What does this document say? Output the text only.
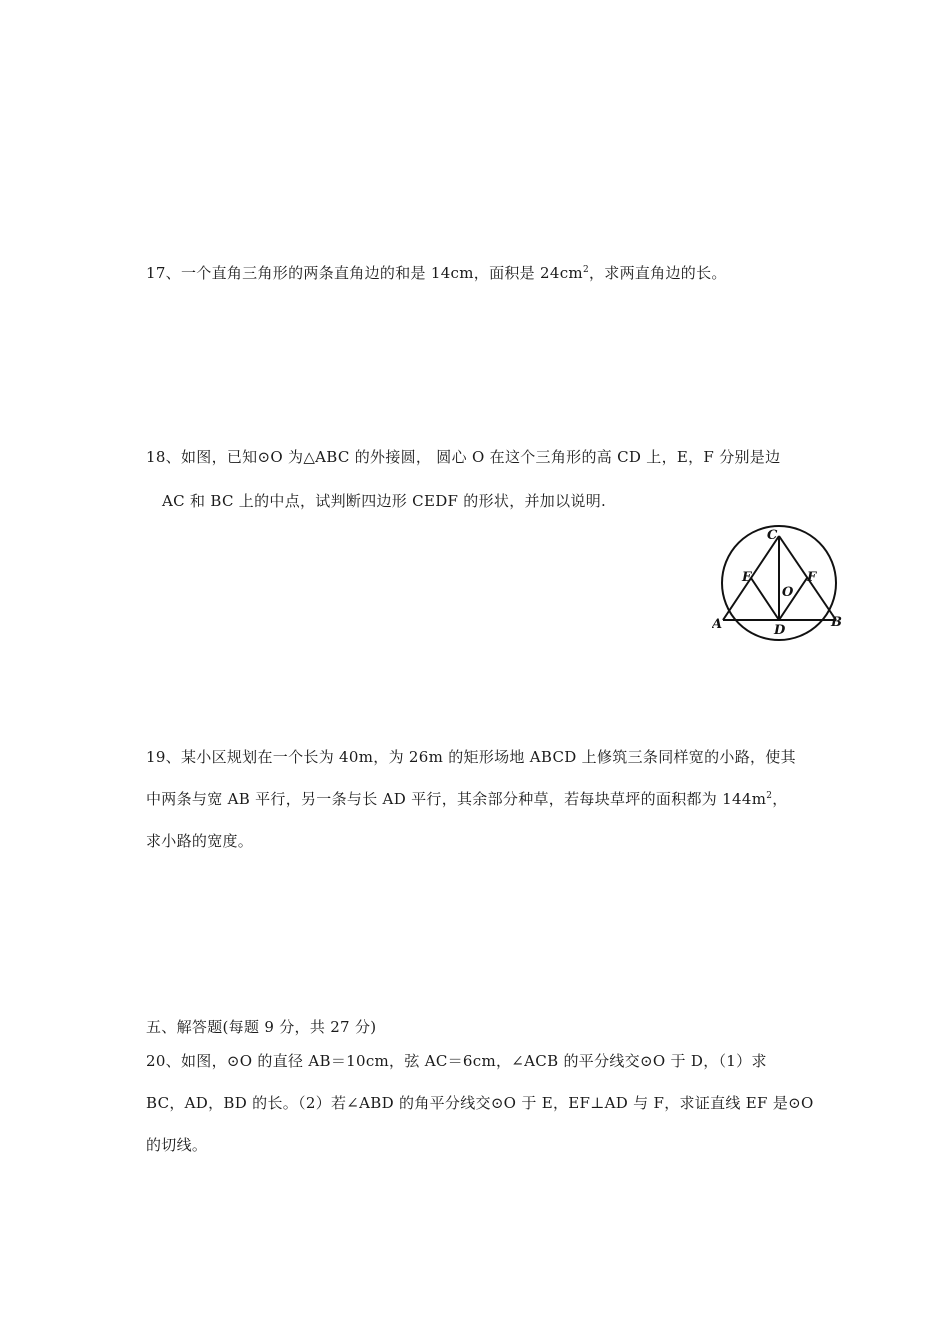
17、一个直角三角形的两条直角边的和是 14cm，面积是 $24cm^2$，求两直角边的长。
18、如图，已知⊙O 为△ABC 的外接圆， 圆心 O 在这个三角形的高 CD 上，E，F 分别是边
AC 和 BC 上的中点，试判断四边形 CEDF 的形状，并加以说明.
C
E	F
O
A	D
B
19、某小区规划在一个长为 40m，为 26m 的矩形场地 ABCD 上修筑三条同样宽的小路，使其
中两条与宽 AB 平行，另一条与长 AD 平行，其余部分种草，若每块草坪的面积都为 $144m^2$，
求小路的宽度。
五、解答题(每题 9 分，共 27 分)
20、如图，⊙O 的直径 AB＝10cm，弦 AC＝6cm，∠ACB 的平分线交⊙O 于 D，（1）求
BC，AD，BD 的长。（2）若∠ABD 的角平分线交⊙O 于 E，EF⊥AD 与 F，求证直线 EF 是⊙O
的切线。
